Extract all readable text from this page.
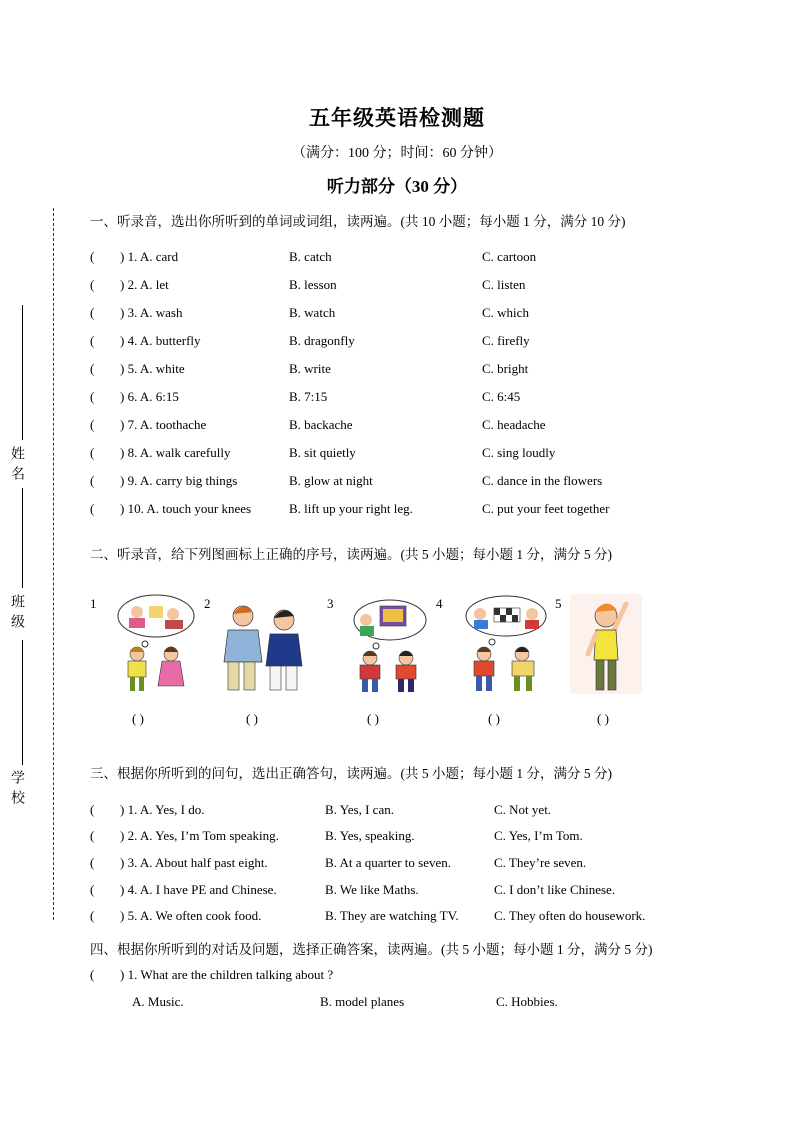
五年级英语检测题
（满分：100 分；时间：60 分钟）
听力部分（30 分）
姓名
班级
学校
一、听录音，选出你所听到的单词或词组，读两遍。(共 10 小题；每小题 1 分，满分 10 分)
( ) 1. A. card	B. catch	C. cartoon
( ) 2. A. let	B. lesson	C. listen
( ) 3. A. wash	B. watch	C. which
( ) 4. A. butterfly	B. dragonfly	C. firefly
( ) 5. A. white	B. write	C. bright
( ) 6. A. 6:15	B. 7:15	C. 6:45
( ) 7. A. toothache	B. backache	C. headache
( ) 8. A. walk carefully	B. sit quietly	C. sing loudly
( ) 9. A. carry big things	B. glow at night	C. dance in the flowers
( ) 10. A. touch your knees	B. lift up your right leg.	C. put your feet together
二、听录音，给下列图画标上正确的序号，读两遍。(共 5 小题；每小题 1 分，满分 5 分)
1	2	3	4	5
( )	( )	( )	( )	( )
三、根据你所听到的问句，选出正确答句，读两遍。(共 5 小题；每小题 1 分，满分 5 分)
( ) 1. A. Yes, I do.	B. Yes, I can.	C. Not yet.
( ) 2. A. Yes, I’m Tom speaking.	B. Yes, speaking.	C. Yes, I’m Tom.
( ) 3. A. About half past eight.	B. At a quarter to seven.	C. They’re seven.
( ) 4. A. I have PE and Chinese.	B. We like Maths.	C. I don’t like Chinese.
( ) 5. A. We often cook food.	B. They are watching TV.	C. They often do housework.
四、根据你所听到的对话及问题，选择正确答案，读两遍。(共 5 小题；每小题 1 分，满分 5 分)
( ) 1. What are the children talking about ?
A. Music.	B. model planes	C. Hobbies.
